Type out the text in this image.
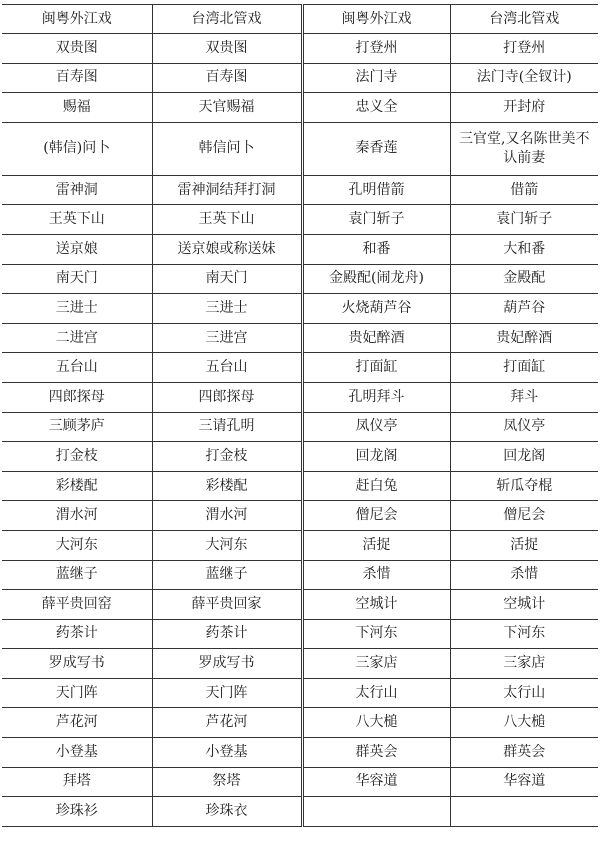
闽粤外江戏	台湾北管戏	闽粤外江戏	台湾北管戏
双贵图	双贵图	打登州	打登州
百寿图	百寿图	法门寺	法门寺(全钗计)
赐福	天官赐福	忠义全	开封府
(韩信)问卜	韩信问卜	秦香莲	三官堂,又名陈世美不认前妻
雷神洞	雷神洞结拜打洞	孔明借箭	借箭
王英下山	王英下山	袁门斩子	袁门斩子
送京娘	送京娘或称送妹	和番	大和番
南天门	南天门	金殿配(闹龙舟)	金殿配
三进士	三进士	火烧葫芦谷	葫芦谷
二进宫	三进宫	贵妃醉酒	贵妃醉酒
五台山	五台山	打面缸	打面缸
四郎探母	四郎探母	孔明拜斗	拜斗
三顾茅庐	三请孔明	凤仪亭	凤仪亭
打金枝	打金枝	回龙阁	回龙阁
彩楼配	彩楼配	赶白兔	斩瓜夺棍
渭水河	渭水河	僧尼会	僧尼会
大河东	大河东	活捉	活捉
蓝继子	蓝继子	杀惜	杀惜
薛平贵回窑	薛平贵回家	空城计	空城计
药茶计	药茶计	下河东	下河东
罗成写书	罗成写书	三家店	三家店
天门阵	天门阵	太行山	太行山
芦花河	芦花河	八大槌	八大槌
小登基	小登基	群英会	群英会
拜塔	祭塔	华容道	华容道
珍珠衫	珍珠衣		
